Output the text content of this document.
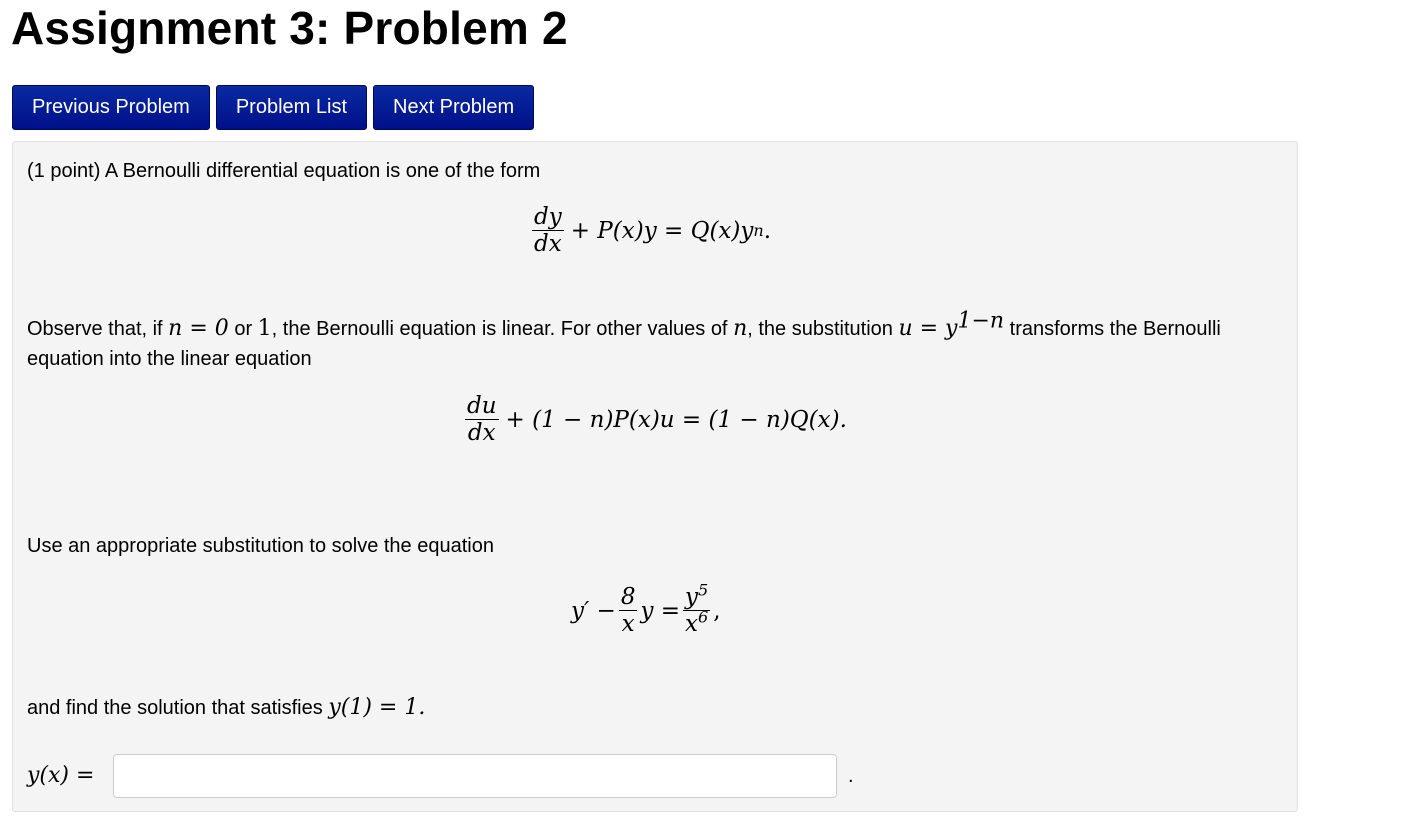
Assignment 3: Problem 2
Previous Problem	Problem List	Next Problem
(1 point) A Bernoulli differential equation is one of the form
$\frac{dy}{dx} + P(x)y = Q(x)y$ n .
Observe that, if n = 0 or 1, the Bernoulli equation is linear. For other values of n, the substitution $u = y^{1-n}$ transforms the Bernoulli
equation into the linear equation
$\frac{du}{dx} + (1 - n)P(x)u = (1 - n)Q(x)$.
Use an appropriate substitution to solve the equation
$y' - \frac{8}{x}$ $y = \frac{y^5}{x^6}$ ,
and find the solution that satisfies y(1) = 1.
y(x) =	.
